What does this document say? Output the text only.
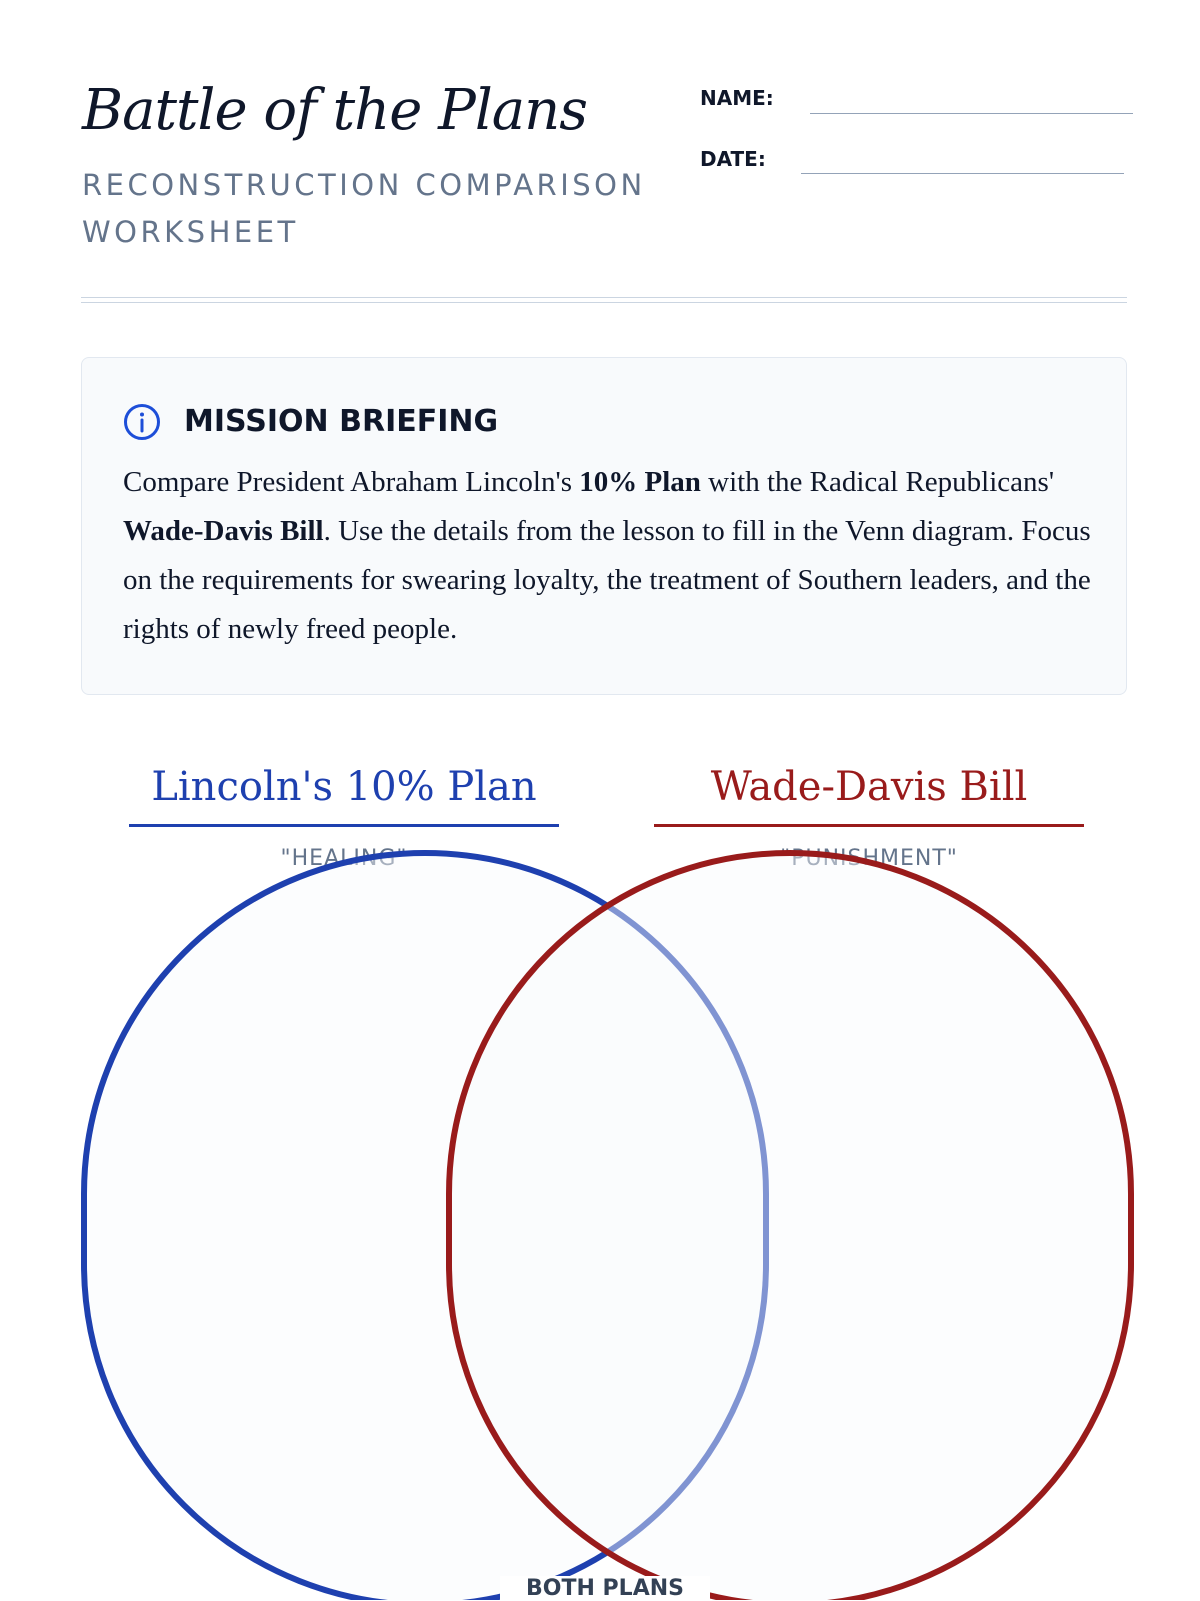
Battle of the Plans

RECONSTRUCTION COMPARISON WORKSHEET

NAME:
DATE:
MISSION BRIEFING

Compare President Abraham Lincoln's 10% Plan with the Radical Republicans' Wade-Davis Bill. Use the details from the lesson to fill in the Venn diagram. Focus on the requirements for swearing loyalty, the treatment of Southern leaders, and the rights of newly freed people.

Lincoln's 10% Plan
"HEALING"
Wade-Davis Bill
"PUNISHMENT"
BOTH PLANS
